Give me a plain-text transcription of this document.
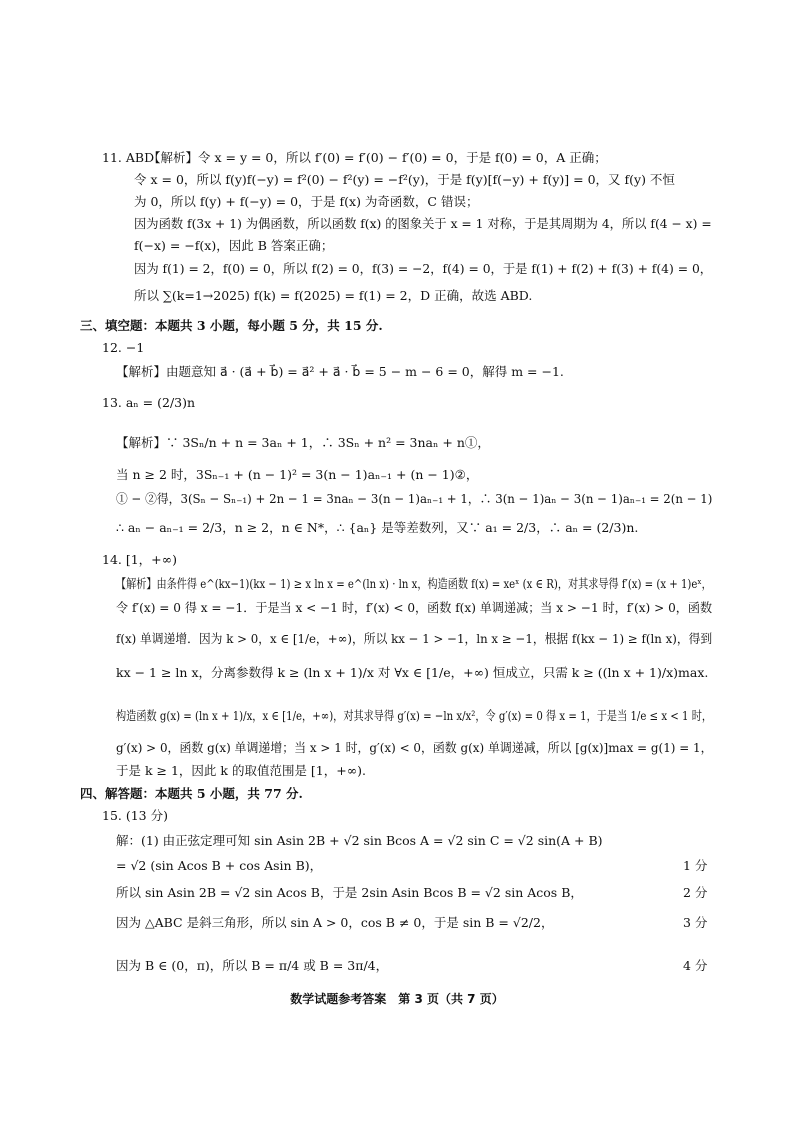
11. ABD
【解析】令 x = y = 0，所以 f′(0) = f′(0) − f′(0) = 0，于是 f(0) = 0，A 正确；
令 x = 0，所以 f(y)f(−y) = f²(0) − f²(y) = −f²(y)，于是 f(y)[f(−y) + f(y)] = 0，又 f(y) 不恒
为 0，所以 f(y) + f(−y) = 0，于是 f(x) 为奇函数，C 错误；
因为函数 f(3x + 1) 为偶函数，所以函数 f(x) 的图象关于 x = 1 对称，于是其周期为 4，所以 f(4 − x) =
f(−x) = −f(x)，因此 B 答案正确；
因为 f(1) = 2，f(0) = 0，所以 f(2) = 0，f(3) = −2，f(4) = 0，于是 f(1) + f(2) + f(3) + f(4) = 0，
所以 ∑(k=1→2025) f(k) = f(2025) = f(1) = 2，D 正确，故选 ABD.
三、填空题：本题共 3 小题，每小题 5 分，共 15 分.
12. −1
【解析】由题意知 a⃗ · (a⃗ + b⃗) = a⃗² + a⃗ · b⃗ = 5 − m − 6 = 0，解得 m = −1.
13. aₙ = (2/3)n
【解析】∵ 3Sₙ/n + n = 3aₙ + 1，∴ 3Sₙ + n² = 3naₙ + n①，
当 n ≥ 2 时，3Sₙ₋₁ + (n − 1)² = 3(n − 1)aₙ₋₁ + (n − 1)②，
① − ②得，3(Sₙ − Sₙ₋₁) + 2n − 1 = 3naₙ − 3(n − 1)aₙ₋₁ + 1，∴ 3(n − 1)aₙ − 3(n − 1)aₙ₋₁ = 2(n − 1)
∴ aₙ − aₙ₋₁ = 2/3，n ≥ 2，n ∈ N*，∴ {aₙ} 是等差数列，又∵ a₁ = 2/3，∴ aₙ = (2/3)n.
14. [1，+∞)
【解析】由条件得 e^(kx−1)(kx − 1) ≥ x ln x = e^(ln x) · ln x，构造函数 f(x) = xeˣ (x ∈ R)，对其求导得 f′(x) = (x + 1)eˣ，
令 f′(x) = 0 得 x = −1．于是当 x < −1 时，f′(x) < 0，函数 f(x) 单调递减；当 x > −1 时，f′(x) > 0，函数
f(x) 单调递增．因为 k > 0，x ∈ [1/e，+∞)，所以 kx − 1 > −1，ln x ≥ −1，根据 f(kx − 1) ≥ f(ln x)，得到
kx − 1 ≥ ln x，分离参数得 k ≥ (ln x + 1)/x 对 ∀x ∈ [1/e，+∞) 恒成立，只需 k ≥ ((ln x + 1)/x)max.
构造函数 g(x) = (ln x + 1)/x，x ∈ [1/e，+∞)，对其求导得 g′(x) = −ln x/x²，令 g′(x) = 0 得 x = 1，于是当 1/e ≤ x < 1 时，
g′(x) > 0，函数 g(x) 单调递增；当 x > 1 时，g′(x) < 0，函数 g(x) 单调递减，所以 [g(x)]max = g(1) = 1，
于是 k ≥ 1，因此 k 的取值范围是 [1，+∞).
四、解答题：本题共 5 小题，共 77 分.
15. (13 分)
解：(1) 由正弦定理可知 sin Asin 2B + √2 sin Bcos A = √2 sin C = √2 sin(A + B)
= √2 (sin Acos B + cos Asin B)，	1 分
所以 sin Asin 2B = √2 sin Acos B，于是 2sin Asin Bcos B = √2 sin Acos B，	2 分
因为 △ABC 是斜三角形，所以 sin A > 0，cos B ≠ 0，于是 sin B = √2/2，	3 分
因为 B ∈ (0，π)，所以 B = π/4 或 B = 3π/4，	4 分
数学试题参考答案　第 3 页（共 7 页）
